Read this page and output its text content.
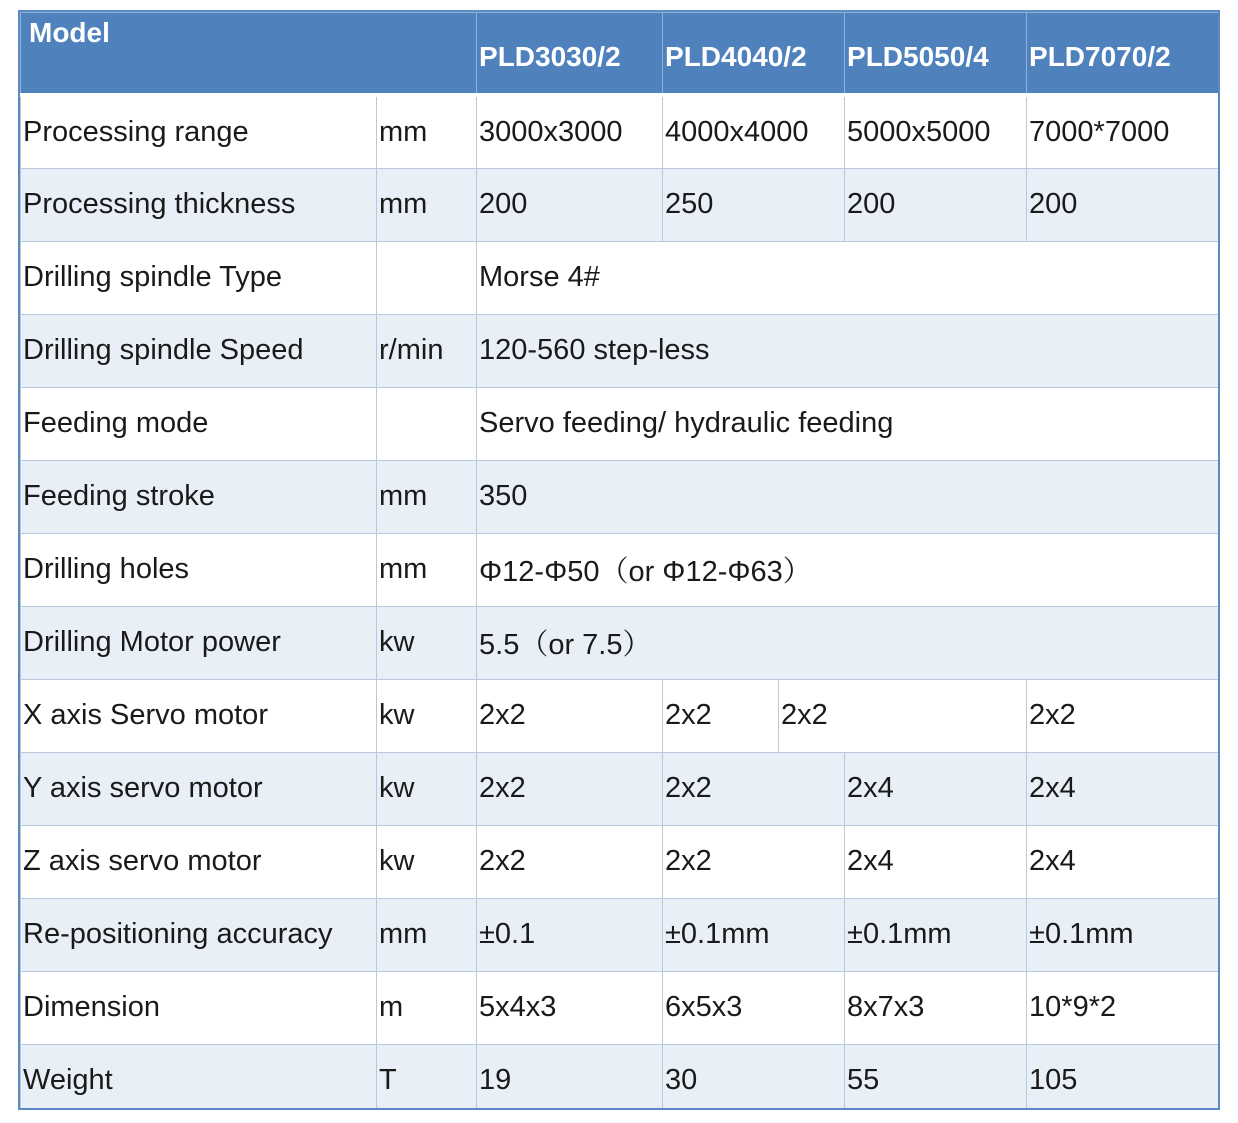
Model		PLD3030/2	PLD4040/2		PLD5050/4	PLD7070/2
Processing range	mm	3000x3000	4000x4000		5000x5000	7000*7000
Processing thickness	mm	200	250		200	200
Drilling spindle Type		Morse 4#				
Drilling spindle Speed	r/min	120-560 step-less				
Feeding mode		Servo feeding/ hydraulic feeding				
Feeding stroke	mm	350				
Drilling holes	mm	Φ12-Φ50（or Φ12-Φ63）				
Drilling Motor power	kw	5.5（or 7.5）				
X axis Servo motor	kw	2x2	2x2	2x2		2x2
Y axis servo motor	kw	2x2	2x2		2x4	2x4
Z axis servo motor	kw	2x2	2x2		2x4	2x4
Re-positioning accuracy	mm	±0.1	±0.1mm		±0.1mm	±0.1mm
Dimension	m	5x4x3	6x5x3		8x7x3	10*9*2
Weight	T	19	30		55	105
